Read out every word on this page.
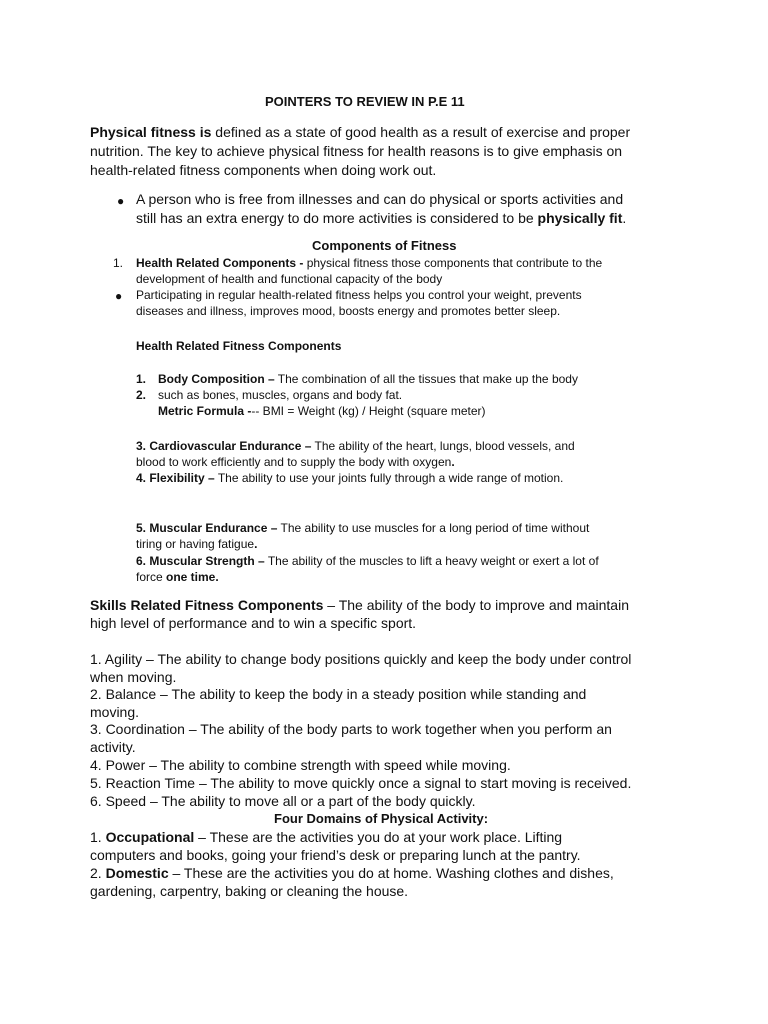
POINTERS TO REVIEW IN P.E 11
Physical fitness is defined as a state of good health as a result of exercise and proper
nutrition. The key to achieve physical fitness for health reasons is to give emphasis on
health-related fitness components when doing work out.
● A person who is free from illnesses and can do physical or sports activities and
still has an extra energy to do more activities is considered to be physically fit.
Components of Fitness
1. Health Related Components - physical fitness those components that contribute to the
development of health and functional capacity of the body
● Participating in regular health-related fitness helps you control your weight, prevents
diseases and illness, improves mood, boosts energy and promotes better sleep.
Health Related Fitness Components
1. Body Composition – The combination of all the tissues that make up the body
2. such as bones, muscles, organs and body fat.
Metric Formula --- BMI = Weight (kg) / Height (square meter)
3. Cardiovascular Endurance – The ability of the heart, lungs, blood vessels, and
blood to work efficiently and to supply the body with oxygen.
4. Flexibility – The ability to use your joints fully through a wide range of motion.
5. Muscular Endurance – The ability to use muscles for a long period of time without
tiring or having fatigue.
6. Muscular Strength – The ability of the muscles to lift a heavy weight or exert a lot of
force one time.
Skills Related Fitness Components – The ability of the body to improve and maintain
high level of performance and to win a specific sport.
1. Agility – The ability to change body positions quickly and keep the body under control
when moving.
2. Balance – The ability to keep the body in a steady position while standing and
moving.
3. Coordination – The ability of the body parts to work together when you perform an
activity.
4. Power – The ability to combine strength with speed while moving.
5. Reaction Time – The ability to move quickly once a signal to start moving is received.
6. Speed – The ability to move all or a part of the body quickly.
Four Domains of Physical Activity:
1. Occupational – These are the activities you do at your work place. Lifting
computers and books, going your friend’s desk or preparing lunch at the pantry.
2. Domestic – These are the activities you do at home. Washing clothes and dishes,
gardening, carpentry, baking or cleaning the house.
